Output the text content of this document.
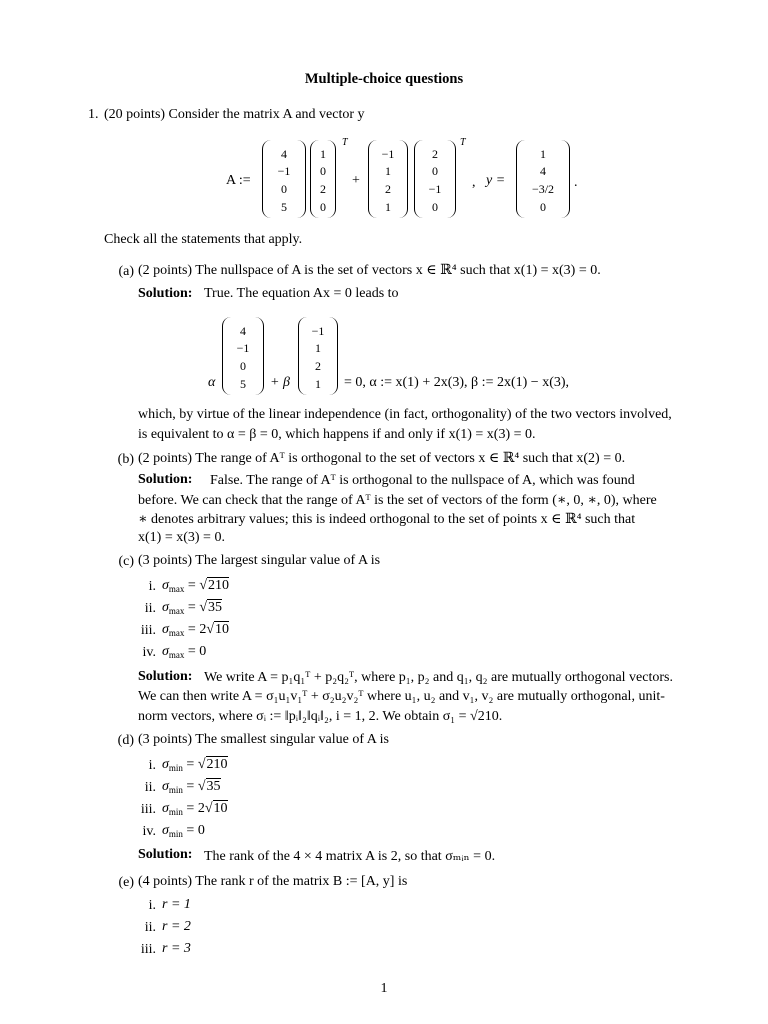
Multiple-choice questions
1. (20 points) Consider the matrix A and vector y
A :=
4
−1
0
5
1
0
2
0
T
+
−1
1
2
1
2
0
−1
0
T
, y =
1
4
−3/2
0
.
Check all the statements that apply.
(a) (2 points) The nullspace of A is the set of vectors x ∈ ℝ⁴ such that x(1) = x(3) = 0.
Solution: True. The equation Ax = 0 leads to
α
4
−1
0
5	+ β
−1
1
2
1	= 0, α := x(1) + 2x(3), β := 2x(1) − x(3),
which, by virtue of the linear independence (in fact, orthogonality) of the two vectors involved,
is equivalent to α = β = 0, which happens if and only if x(1) = x(3) = 0.
(b) (2 points) The range of Aᵀ is orthogonal to the set of vectors x ∈ ℝ⁴ such that x(2) = 0.
Solution: False. The range of Aᵀ is orthogonal to the nullspace of A, which was found
before. We can check that the range of Aᵀ is the set of vectors of the form (∗, 0, ∗, 0), where
∗ denotes arbitrary values; this is indeed orthogonal to the set of points x ∈ ℝ⁴ such that
x(1) = x(3) = 0.
(c) (3 points) The largest singular value of A is
i. $\sigma_{max} = √210$
ii. $\sigma_{max} = √35$
iii. $\sigma_{max} = 2√10$
iv. $\sigma_{max} = 0$
Solution: We write A = p₁q₁ᵀ + p₂q₂ᵀ, where p₁, p₂ and q₁, q₂ are mutually orthogonal vectors.
We can then write A = σ₁u₁v₁ᵀ + σ₂u₂v₂ᵀ where u₁, u₂ and v₁, v₂ are mutually orthogonal, unit-
norm vectors, where σᵢ := ‖pᵢ‖₂‖qᵢ‖₂, i = 1, 2. We obtain σ₁ = √210.
(d) (3 points) The smallest singular value of A is
i. $\sigma_{min} = √210$
ii. $\sigma_{min} = √35$
iii. $\sigma_{min} = 2√10$
iv. $\sigma_{min} = 0$
Solution: The rank of the 4 × 4 matrix A is 2, so that σₘᵢₙ = 0.
(e) (4 points) The rank r of the matrix B := [A, y] is
i. r = 1
ii. r = 2
iii. r = 3
1
